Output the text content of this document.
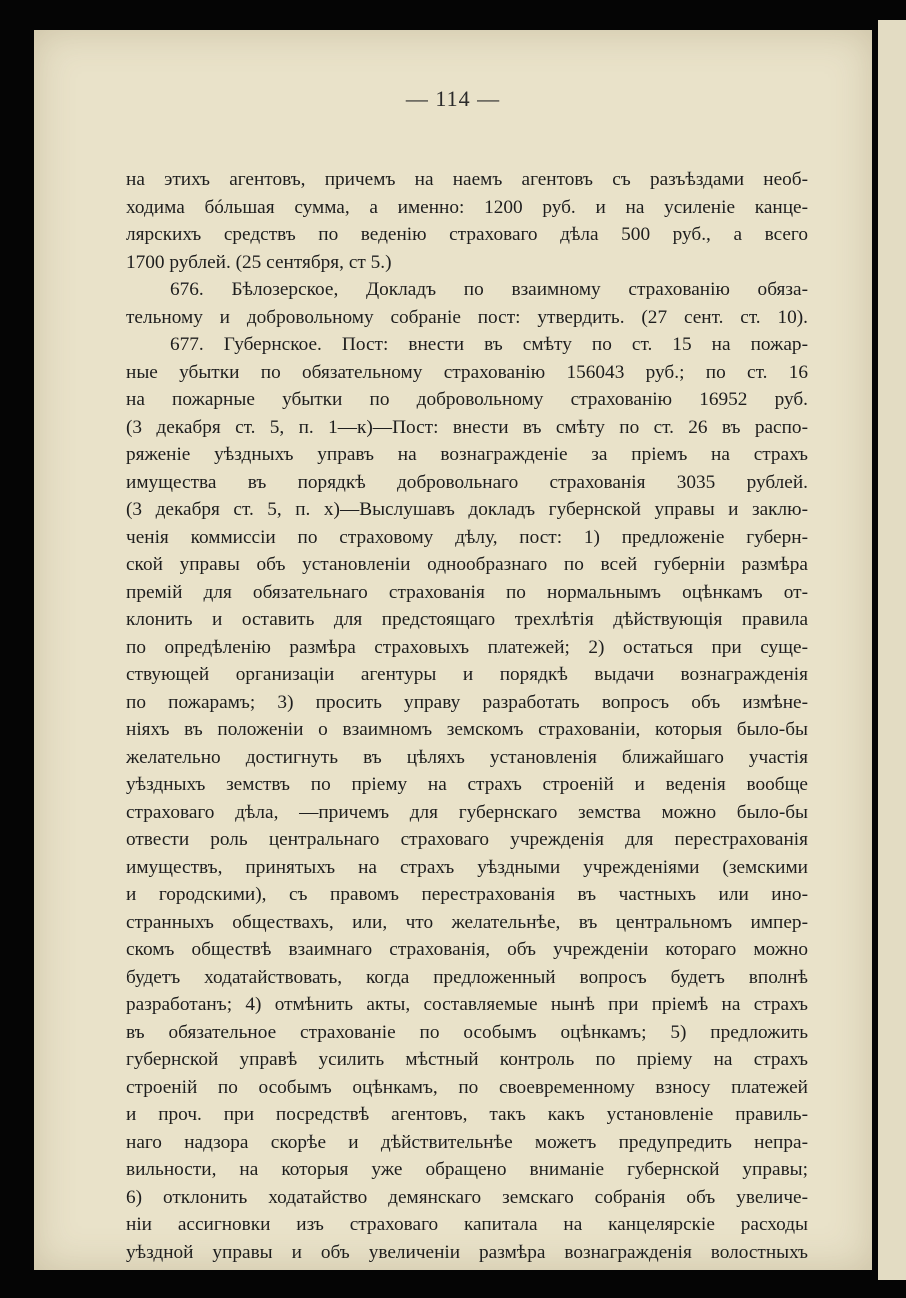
— 114 —
на этихъ агентовъ, причемъ на наемъ агентовъ съ разъѣздами необ-
ходима бóльшая сумма, а именно: 1200 руб. и на усиленіе канце-
лярскихъ средствъ по веденію страховаго дѣла 500 руб., а всего
1700 рублей. (25 сентября, ст 5.)
676. Бѣлозерское, Докладъ по взаимному страхованію обяза-
тельному и добровольному собраніе пост: утвердить. (27 сент. ст. 10).
677. Губернское. Пост: внести въ смѣту по ст. 15 на пожар-
ные убытки по обязательному страхованію 156043 руб.; по ст. 16
на пожарные убытки по добровольному страхованію 16952 руб.
(3 декабря ст. 5, п. 1—к)—Пост: внести въ смѣту по ст. 26 въ распо-
ряженіе уѣздныхъ управъ на вознагражденіе за пріемъ на страхъ
имущества въ порядкѣ добровольнаго страхованія 3035 рублей.
(3 декабря ст. 5, п. х)—Выслушавъ докладъ губернской управы и заклю-
ченія коммиссіи по страховому дѣлу, пост: 1) предложеніе губерн-
ской управы объ установленіи однообразнаго по всей губерніи размѣра
премій для обязательнаго страхованія по нормальнымъ оцѣнкамъ от-
клонить и оставить для предстоящаго трехлѣтія дѣйствующія правила
по опредѣленію размѣра страховыхъ платежей; 2) остаться при суще-
ствующей организаціи агентуры и порядкѣ выдачи вознагражденія
по пожарамъ; 3) просить управу разработать вопросъ объ измѣне-
ніяхъ въ положеніи о взаимномъ земскомъ страхованіи, которыя было-бы
желательно достигнуть въ цѣляхъ установленія ближайшаго участія
уѣздныхъ земствъ по пріему на страхъ строеній и веденія вообще
страховаго дѣла, —причемъ для губернскаго земства можно было-бы
отвести роль центральнаго страховаго учрежденія для перестрахованія
имуществъ, принятыхъ на страхъ уѣздными учрежденіями (земскими
и городскими), съ правомъ перестрахованія въ частныхъ или ино-
странныхъ обществахъ, или, что желательнѣе, въ центральномъ импер-
скомъ обществѣ взаимнаго страхованія, объ учрежденіи котораго можно
будетъ ходатайствовать, когда предложенный вопросъ будетъ вполнѣ
разработанъ; 4) отмѣнить акты, составляемые нынѣ при пріемѣ на страхъ
въ обязательное страхованіе по особымъ оцѣнкамъ; 5) предложить
губернской управѣ усилить мѣстный контроль по пріему на страхъ
строеній по особымъ оцѣнкамъ, по своевременному взносу платежей
и проч. при посредствѣ агентовъ, такъ какъ установленіе правиль-
наго надзора скорѣе и дѣйствительнѣе можетъ предупредить непра-
вильности, на которыя уже обращено вниманіе губернской управы;
6) отклонить ходатайство демянскаго земскаго собранія объ увеличе-
ніи ассигновки изъ страховаго капитала на канцелярскіе расходы
уѣздной управы и объ увеличеніи размѣра вознагражденія волостныхъ
